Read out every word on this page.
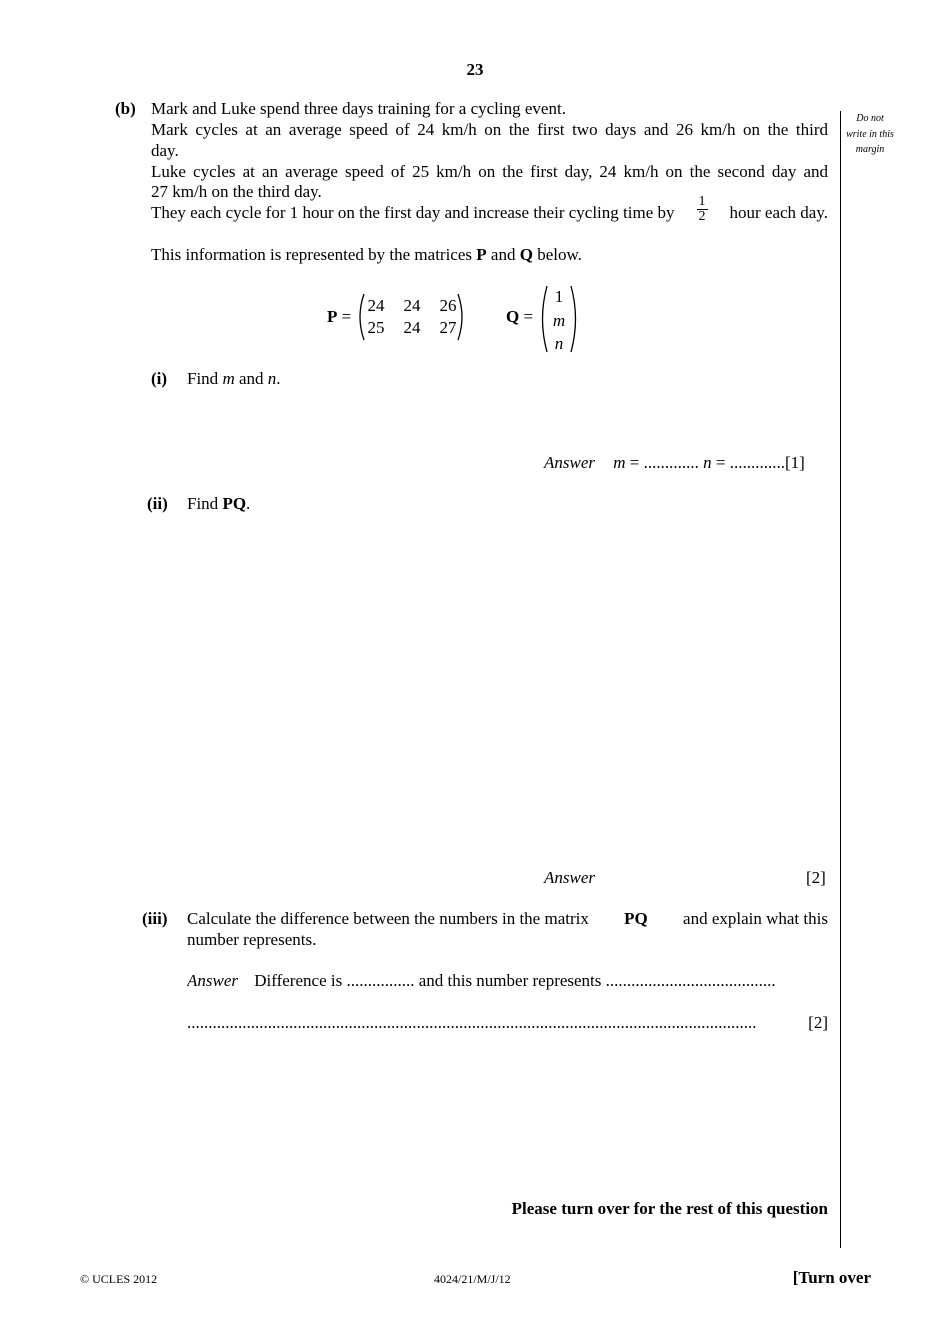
23
Do not
write in this
margin
(b) Mark and Luke spend three days training for a cycling event.
Mark cycles at an average speed of 24 km/h on the first two days and 26 km/h on the third
day.
Luke cycles at an average speed of 25 km/h on the first day, 24 km/h on the second day and
27 km/h on the third day.
They each cycle for 1 hour on the first day and increase their cycling time by $\frac{1}{2}$ hour each day.
This information is represented by the matrices P and Q below.
P =
24	24	26
25	24	27
Q =
1
m
n
(i) Find m and n.
Answer m = ............. n = .............[1]
(ii) Find PQ.
Answer	[2]
(iii) Calculate the difference between the numbers in the matrix PQ and explain what this
number represents.
Answer Difference is ................ and this number represents ........................................
......................................................................................................................................	[2]
Please turn over for the rest of this question
© UCLES 2012	4024/21/M/J/12	[Turn over
